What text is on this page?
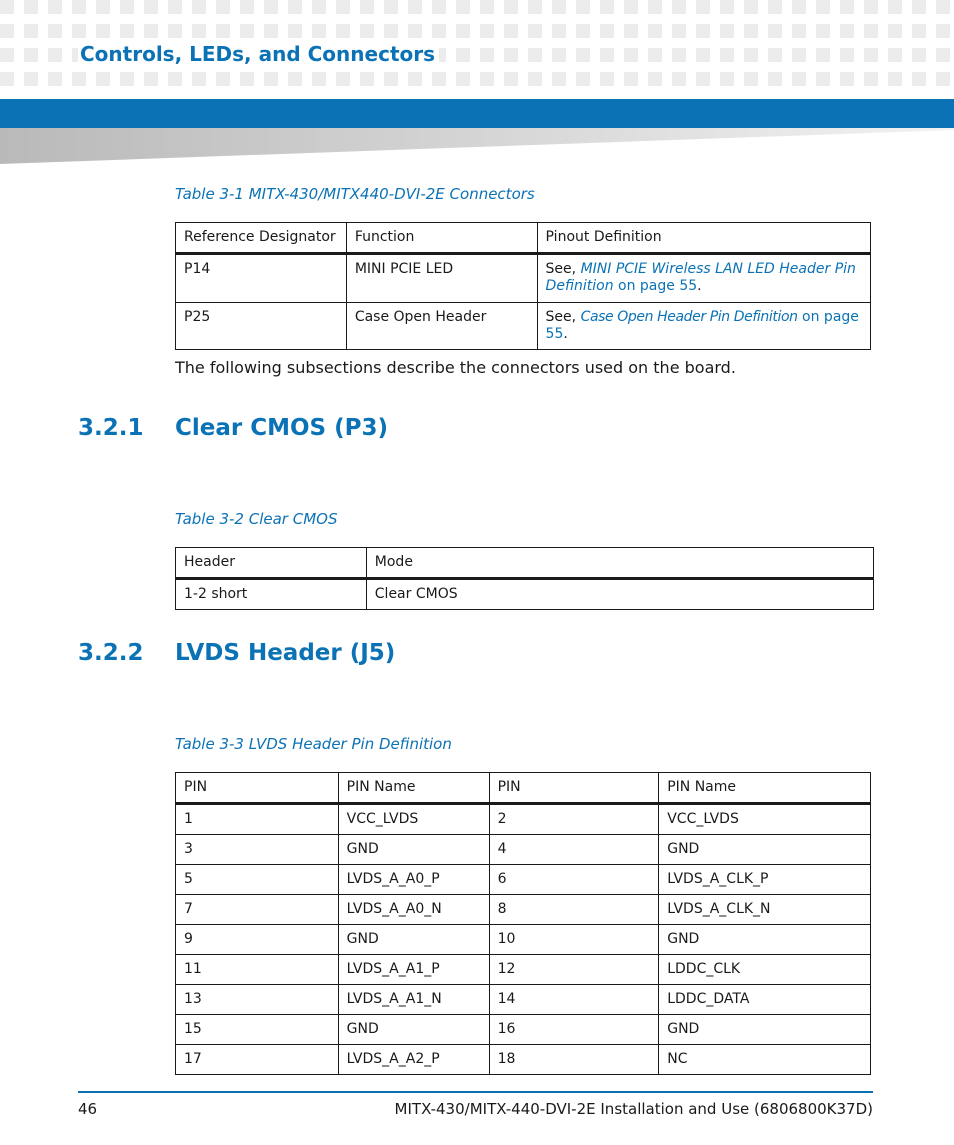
Controls, LEDs, and Connectors

Table 3-1 MITX-430/MITX440-DVI-2E Connectors

Reference Designator	Function	Pinout Definition
P14	MINI PCIE LED	See, MINI PCIE Wireless LAN LED Header Pin Definition on page 55.
P25	Case Open Header	See, Case Open Header Pin Definition on page 55.

The following subsections describe the connectors used on the board.

3.2.1 Clear CMOS (P3)

Table 3-2 Clear CMOS

Header	Mode
1-2 short	Clear CMOS
3.2.2 LVDS Header (J5)

Table 3-3 LVDS Header Pin Definition

PIN	PIN Name	PIN	PIN Name
1	VCC_LVDS	2	VCC_LVDS
3	GND	4	GND
5	LVDS_A_A0_P	6	LVDS_A_CLK_P
7	LVDS_A_A0_N	8	LVDS_A_CLK_N
9	GND	10	GND
11	LVDS_A_A1_P	12	LDDC_CLK
13	LVDS_A_A1_N	14	LDDC_DATA
15	GND	16	GND
17	LVDS_A_A2_P	18	NC

46	MITX-430/MITX-440-DVI-2E Installation and Use (6806800K37D)
